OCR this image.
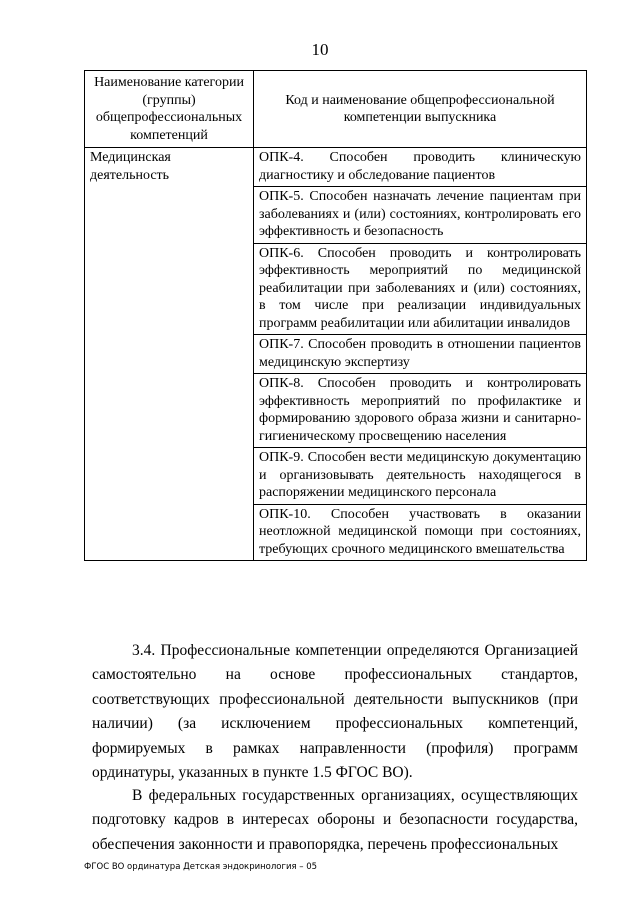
10
Наименование категории (группы) общепрофессиональных компетенций	Код и наименование общепрофессиональной компетенции выпускника
Медицинская деятельность	ОПК-4. Способен проводить клиническую диагностику и обследование пациентов
	ОПК-5. Способен назначать лечение пациентам при заболеваниях и (или) состояниях, контролировать его эффективность и безопасность
	ОПК-6. Способен проводить и контролировать эффективность мероприятий по медицинской реабилитации при заболеваниях и (или) состояниях, в том числе при реализации индивидуальных программ реабилитации или абилитации инвалидов
	ОПК-7. Способен проводить в отношении пациентов медицинскую экспертизу
	ОПК-8. Способен проводить и контролировать эффективность мероприятий по профилактике и формированию здорового образа жизни и санитарно-гигиеническому просвещению населения
	ОПК-9. Способен вести медицинскую документацию и организовывать деятельность находящегося в распоряжении медицинского персонала
	ОПК-10. Способен участвовать в оказании неотложной медицинской помощи при состояниях, требующих срочного медицинского вмешательства

3.4. Профессиональные компетенции определяются Организацией самостоятельно на основе профессиональных стандартов, соответствующих профессиональной деятельности выпускников (при наличии) (за исключением профессиональных компетенций, формируемых в рамках направленности (профиля) программ ординатуры, указанных в пункте 1.5 ФГОС ВО).

В федеральных государственных организациях, осуществляющих подготовку кадров в интересах обороны и безопасности государства, обеспечения законности и правопорядка, перечень профессиональных

ФГОС ВО ординатура Детская эндокринология – 05
